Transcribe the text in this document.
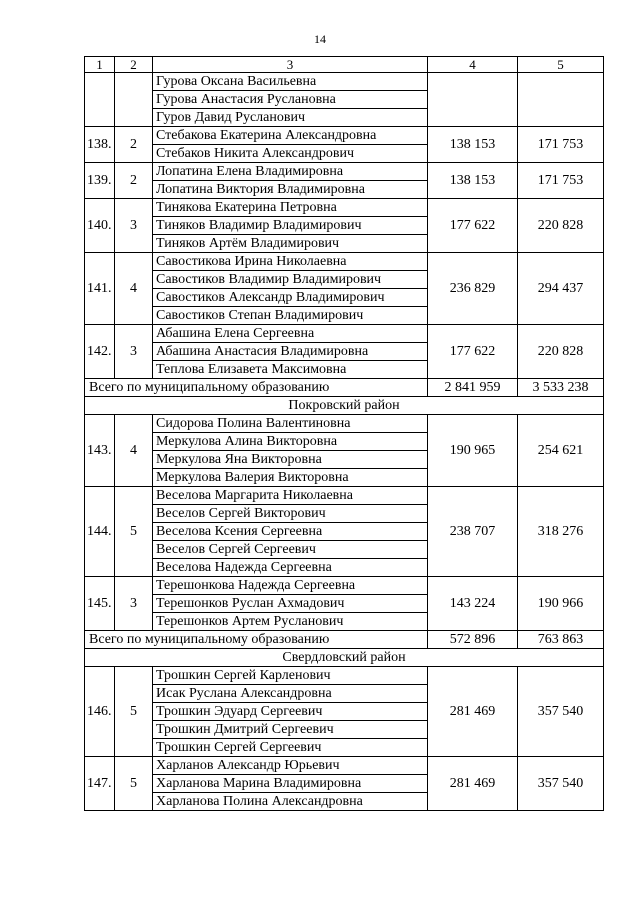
14
1	2	3	4	5
		Гурова Оксана Васильевна		
		Гурова Анастасия Руслановна		
		Гуров Давид Русланович		
138.	2	Стебакова Екатерина Александровна	138 153	171 753
		Стебаков Никита Александрович		
139.	2	Лопатина Елена Владимировна	138 153	171 753
		Лопатина Виктория Владимировна		
140.	3	Тинякова Екатерина Петровна	177 622	220 828
		Тиняков Владимир Владимирович		
		Тиняков Артём Владимирович		
141.	4	Савостикова Ирина Николаевна	236 829	294 437
		Савостиков Владимир Владимирович		
		Савостиков Александр Владимирович		
		Савостиков Степан Владимирович		
142.	3	Абашина Елена Сергеевна	177 622	220 828
		Абашина Анастасия Владимировна		
		Теплова Елизавета Максимовна		
Всего по муниципальному образованию			2 841 959	3 533 238
Покровский район				
143.	4	Сидорова Полина Валентиновна	190 965	254 621
		Меркулова Алина Викторовна		
		Меркулова Яна Викторовна		
		Меркулова Валерия Викторовна		
144.	5	Веселова Маргарита Николаевна	238 707	318 276
		Веселов Сергей Викторович		
		Веселова Ксения Сергеевна		
		Веселов Сергей Сергеевич		
		Веселова Надежда Сергеевна		
145.	3	Терешонкова Надежда Сергеевна	143 224	190 966
		Терешонков Руслан Ахмадович		
		Терешонков Артем Русланович		
Всего по муниципальному образованию			572 896	763 863
Свердловский район				
146.	5	Трошкин Сергей Карленович	281 469	357 540
		Исак Руслана Александровна		
		Трошкин Эдуард Сергеевич		
		Трошкин Дмитрий Сергеевич		
		Трошкин Сергей Сергеевич		
147.	5	Харланов Александр Юрьевич	281 469	357 540
		Харланова Марина Владимировна		
		Харланова Полина Александровна		
